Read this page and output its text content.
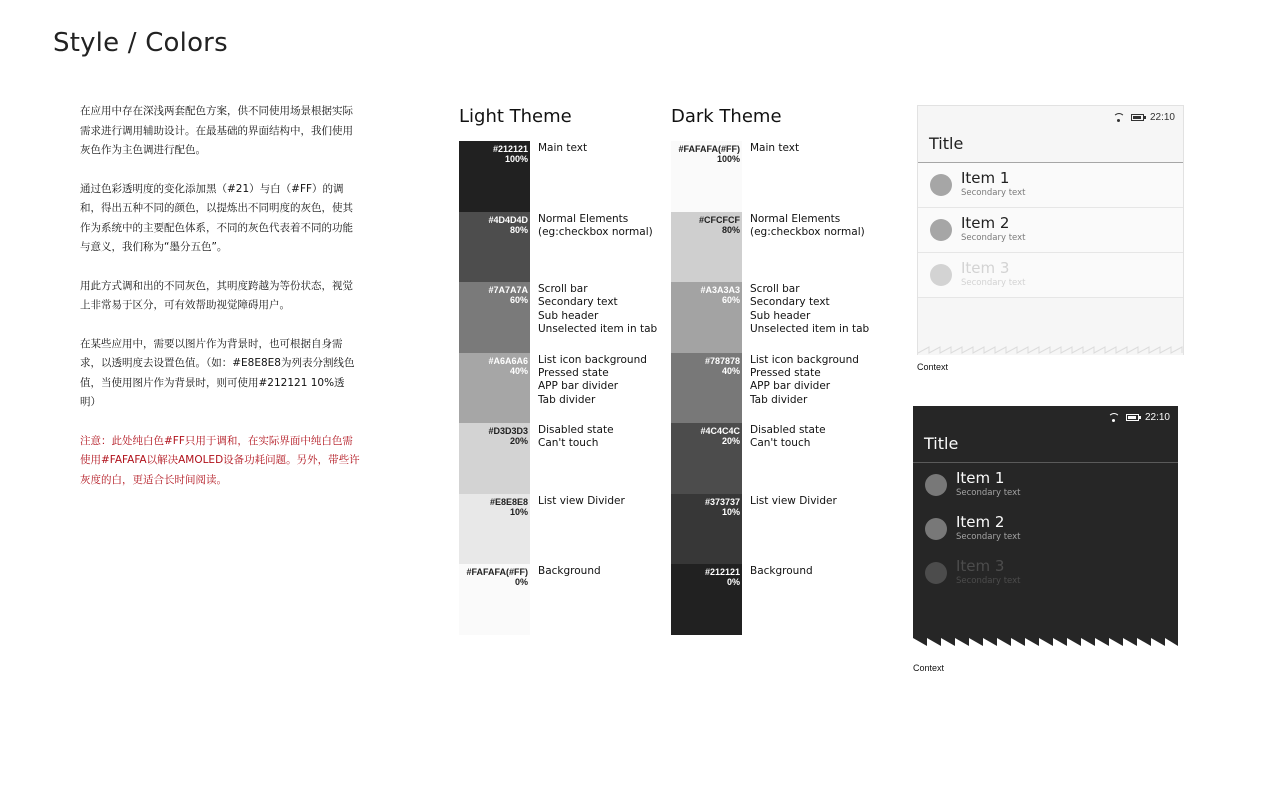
Style / Colors

在应用中存在深浅两套配色方案，供不同使用场景根据实际需求进行调用辅助设计。在最基础的界面结构中，我们使用灰色作为主色调进行配色。

通过色彩透明度的变化添加黑（#21）与白（#FF）的调和，得出五种不同的颜色，以提炼出不同明度的灰色，使其作为系统中的主要配色体系，不同的灰色代表着不同的功能与意义，我们称为“墨分五色”。

用此方式调和出的不同灰色，其明度跨越为等份状态，视觉上非常易于区分，可有效帮助视觉障碍用户。

在某些应用中，需要以图片作为背景时，也可根据自身需求，以透明度去设置色值。（如：#E8E8E8为列表分割线色值，当使用图片作为背景时，则可使用#212121 10%透明）

注意：此处纯白色#FF只用于调和，在实际界面中纯白色需使用#FAFAFA以解决AMOLED设备功耗问题。另外，带些许灰度的白，更适合长时间阅读。

Light Theme	Dark Theme
#212121
100%
Main text
#4D4D4D
80%
Normal Elements
(eg:checkbox normal)
#7A7A7A
60%
Scroll bar
Secondary text
Sub header
Unselected item in tab
#A6A6A6
40%
List icon background
Pressed state
APP bar divider
Tab divider
#D3D3D3
20%
Disabled state
Can't touch
#E8E8E8
10%
List view Divider
#FAFAFA(#FF)
0%
Background
#FAFAFA(#FF)
100%
Main text
#CFCFCF
80%
Normal Elements
(eg:checkbox normal)
#A3A3A3
60%
Scroll bar
Secondary text
Sub header
Unselected item in tab
#787878
40%
List icon background
Pressed state
APP bar divider
Tab divider
#4C4C4C
20%
Disabled state
Can't touch
#373737
10%
List view Divider
#212121
0%
Background
22:10
Title
Item 1
Secondary text
Item 2
Secondary text
Item 3
Secondary text
Context
22:10
Title
Item 1
Secondary text
Item 2
Secondary text
Item 3
Secondary text
Context
